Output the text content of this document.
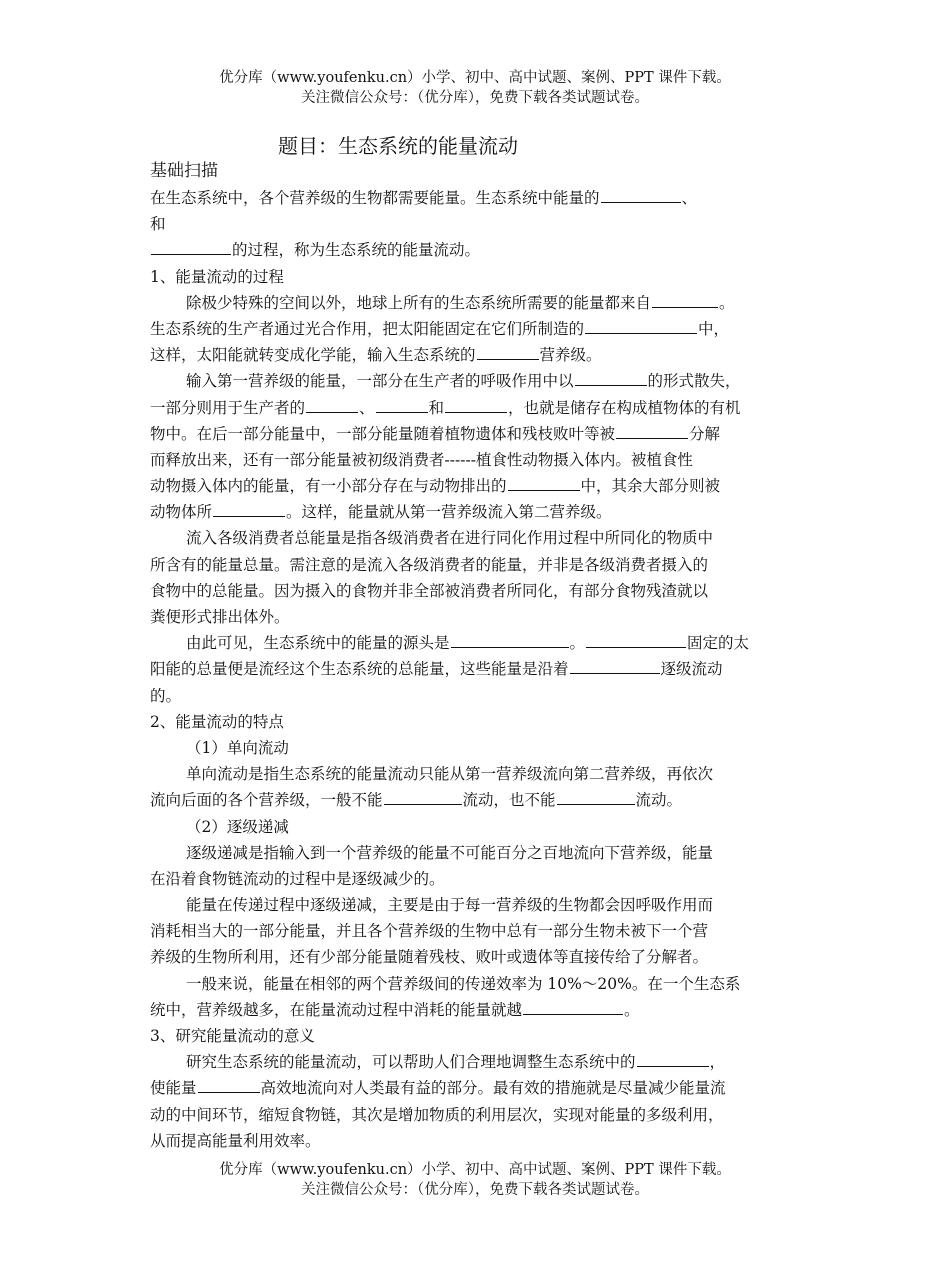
优分库（www.youfenku.cn）小学、初中、高中试题、案例、PPT 课件下载。
关注微信公众号：（优分库），免费下载各类试题试卷。
题目：生态系统的能量流动
基础扫描
在生态系统中，各个营养级的生物都需要能量。生态系统中能量的	、
和
的过程，称为生态系统的能量流动。
1、能量流动的过程
除极少特殊的空间以外，地球上所有的生态系统所需要的能量都来自	。
生态系统的生产者通过光合作用，把太阳能固定在它们所制造的	中，
这样，太阳能就转变成化学能，输入生态系统的	营养级。
输入第一营养级的能量，一部分在生产者的呼吸作用中以	的形式散失，
一部分则用于生产者的	、	和	，也就是储存在构成植物体的有机
物中。在后一部分能量中，一部分能量随着植物遗体和残枝败叶等被	分解
而释放出来，还有一部分能量被初级消费者------植食性动物摄入体内。被植食性
动物摄入体内的能量，有一小部分存在与动物排出的	中，其余大部分则被
动物体所	。这样，能量就从第一营养级流入第二营养级。
流入各级消费者总能量是指各级消费者在进行同化作用过程中所同化的物质中
所含有的能量总量。需注意的是流入各级消费者的能量，并非是各级消费者摄入的
食物中的总能量。因为摄入的食物并非全部被消费者所同化，有部分食物残渣就以
粪便形式排出体外。
由此可见，生态系统中的能量的源头是	。	固定的太
阳能的总量便是流经这个生态系统的总能量，这些能量是沿着	逐级流动
的。
2、能量流动的特点
（1）单向流动
单向流动是指生态系统的能量流动只能从第一营养级流向第二营养级，再依次
流向后面的各个营养级，一般不能	流动，也不能	流动。
（2）逐级递减
逐级递减是指输入到一个营养级的能量不可能百分之百地流向下营养级，能量
在沿着食物链流动的过程中是逐级减少的。
能量在传递过程中逐级递减，主要是由于每一营养级的生物都会因呼吸作用而
消耗相当大的一部分能量，并且各个营养级的生物中总有一部分生物未被下一个营
养级的生物所利用，还有少部分能量随着残枝、败叶或遗体等直接传给了分解者。
一般来说，能量在相邻的两个营养级间的传递效率为 10%～20%。在一个生态系
统中，营养级越多，在能量流动过程中消耗的能量就越	。
3、研究能量流动的意义
研究生态系统的能量流动，可以帮助人们合理地调整生态系统中的	，
使能量	高效地流向对人类最有益的部分。最有效的措施就是尽量减少能量流
动的中间环节，缩短食物链，其次是增加物质的利用层次，实现对能量的多级利用，
从而提高能量利用效率。
优分库（www.youfenku.cn）小学、初中、高中试题、案例、PPT 课件下载。
关注微信公众号：（优分库），免费下载各类试题试卷。
